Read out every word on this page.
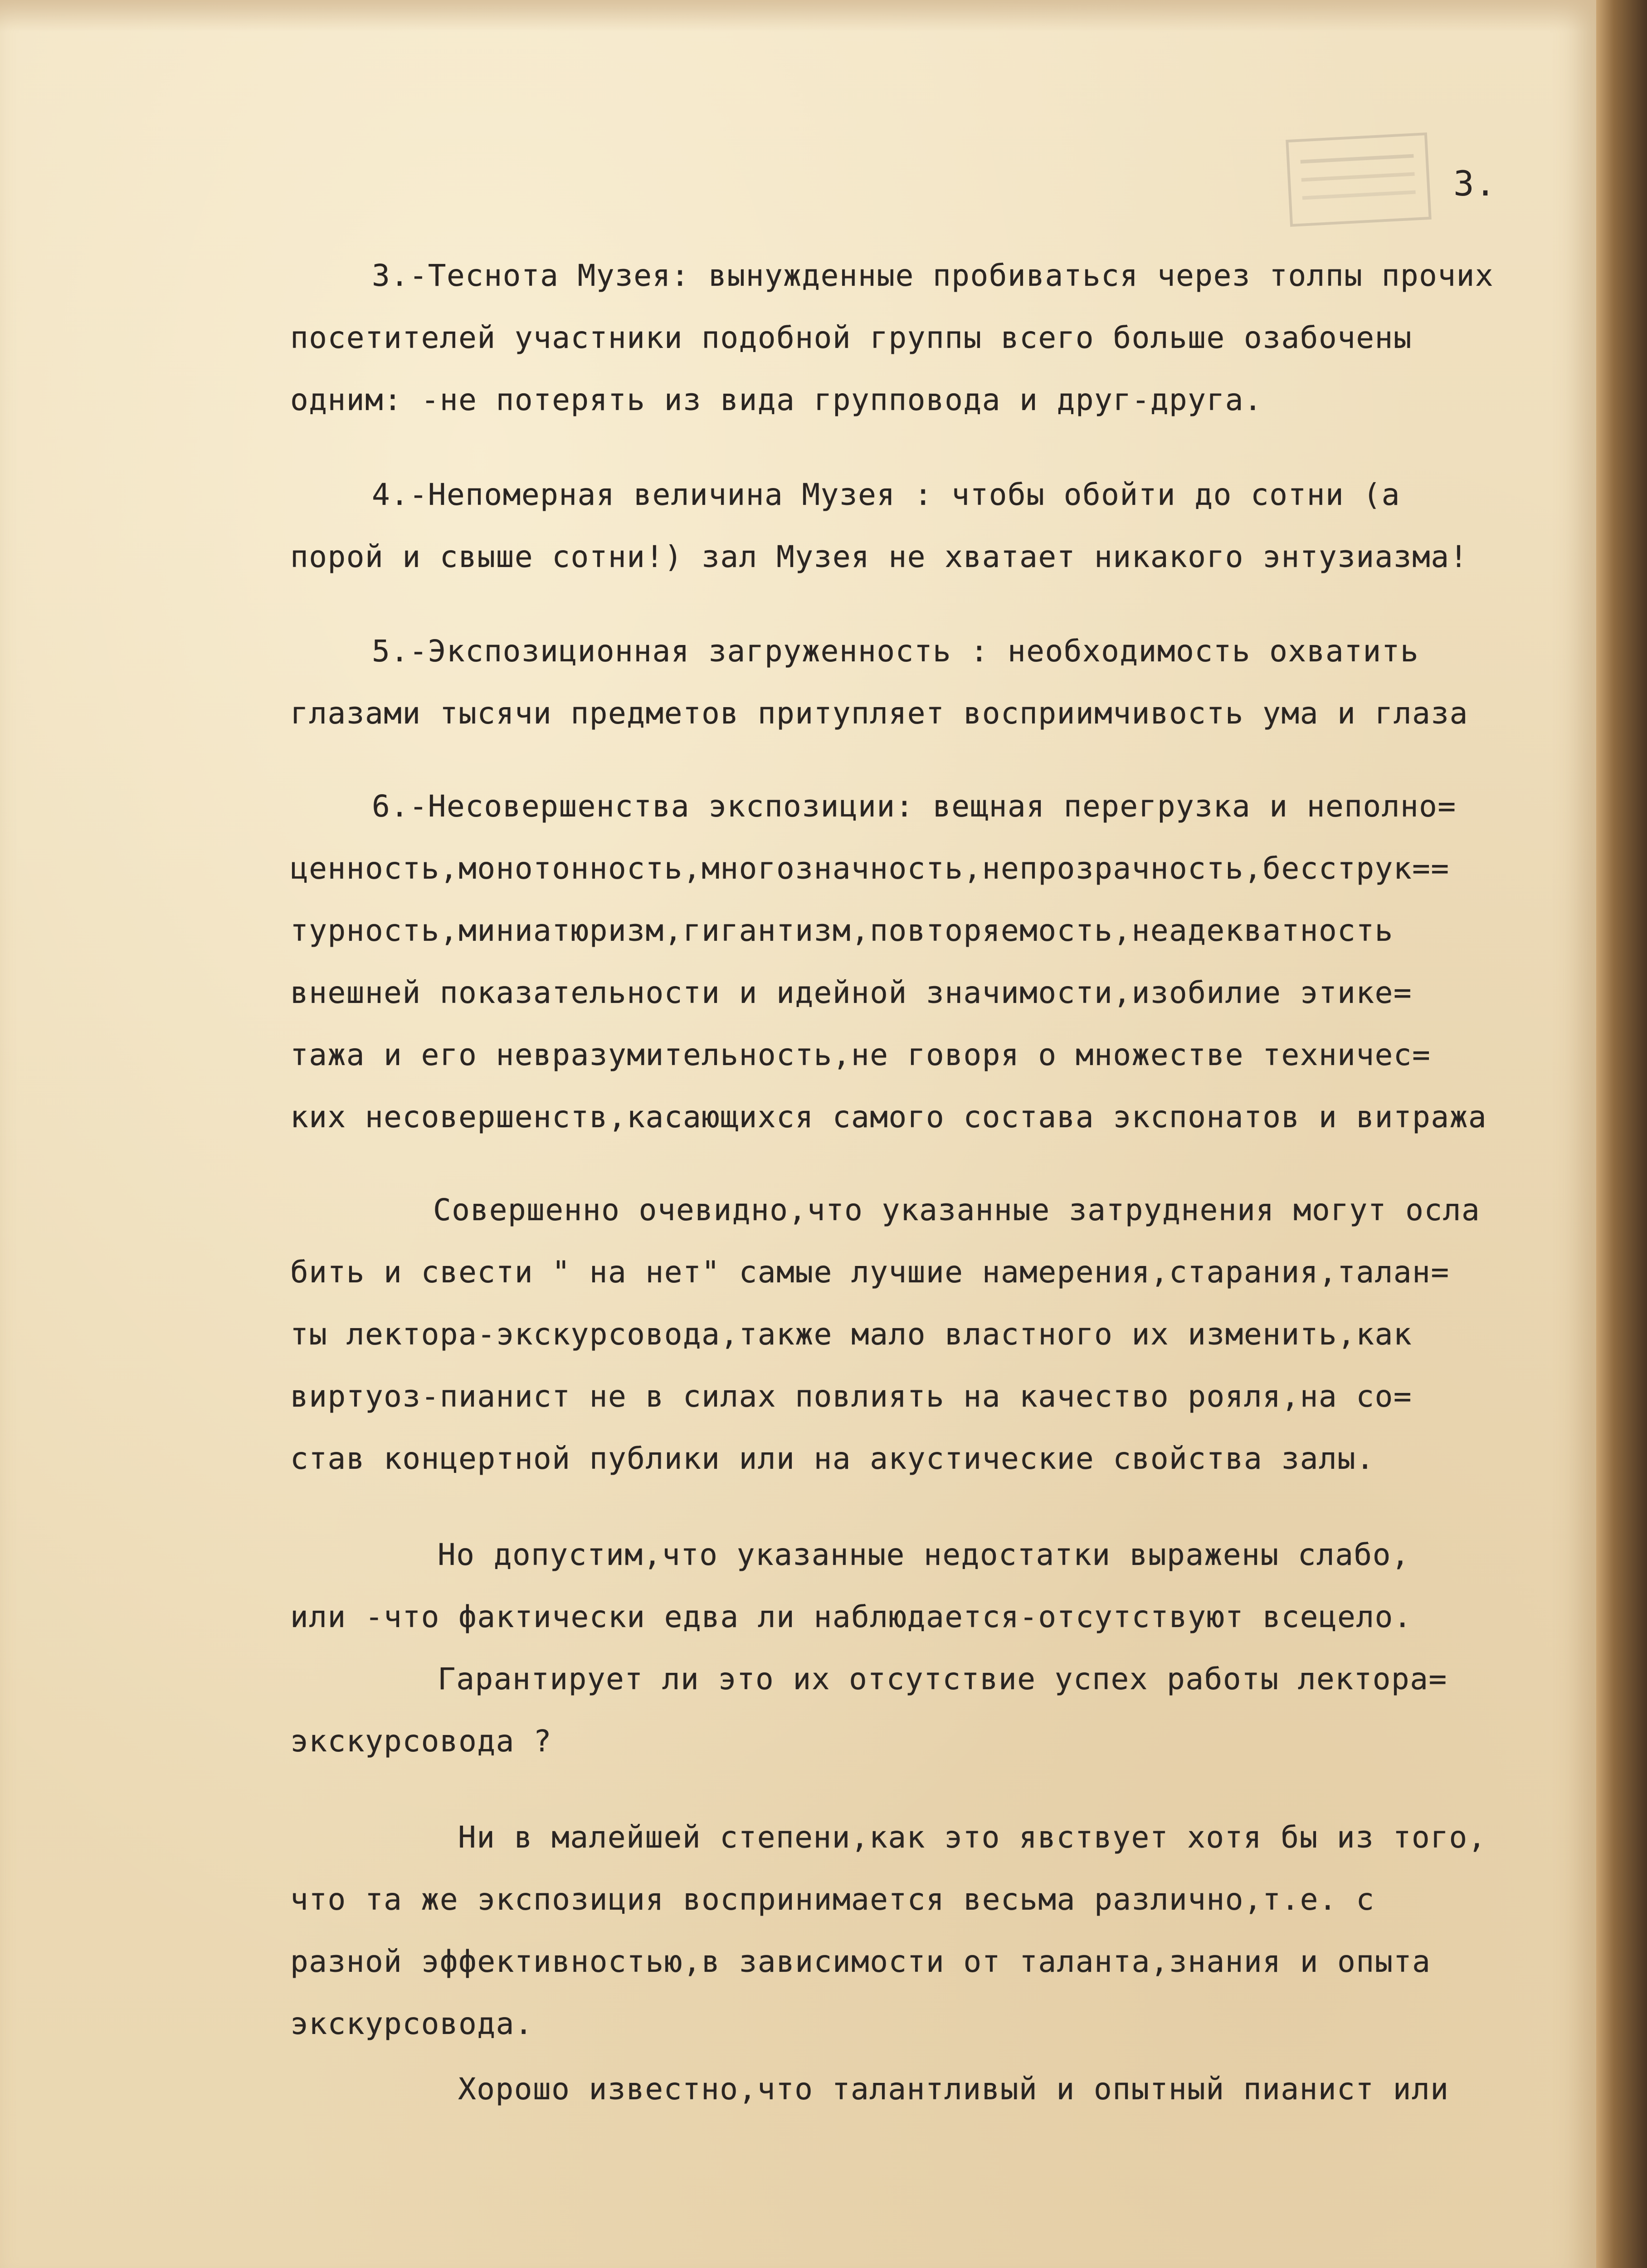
3.
3.-Теснота Музея: вынужденные пробиваться через толпы прочих
посетителей участники подобной группы всего больше озабочены
одним: -не потерять из вида групповода и друг-друга.
4.-Непомерная величина Музея : чтобы обойти до сотни (а
порой и свыше сотни!) зал Музея не хватает никакого энтузиазма!
5.-Экспозиционная загруженность : необходимость охватить
глазами тысячи предметов притупляет восприимчивость ума и глаза
6.-Несовершенства экспозиции: вещная перегрузка и неполно=
ценность,монотонность,многозначность,непрозрачность,бесструк==
турность,миниатюризм,гигантизм,повторяемость,неадекватность
внешней показательности и идейной значимости,изобилие этике=
тажа и его невразумительность,не говоря о множестве техничес=
ких несовершенств,касающихся самого состава экспонатов и витража
Совершенно очевидно,что указанные затруднения могут осла
бить и свести " на нет" самые лучшие намерения,старания,талан=
ты лектора-экскурсовода,также мало властного их изменить,как
виртуоз-пианист не в силах повлиять на качество рояля,на со=
став концертной публики или на акустические свойства залы.
Но допустим,что указанные недостатки выражены слабо,
или -что фактически едва ли наблюдается-отсутствуют всецело.
Гарантирует ли это их отсутствие успех работы лектора=
экскурсовода ?
Ни в малейшей степени,как это явствует хотя бы из того,
что та же экспозиция воспринимается весьма различно,т.е. с
разной эффективностью,в зависимости от таланта,знания и опыта
экскурсовода.
Хорошо известно,что талантливый и опытный пианист или
